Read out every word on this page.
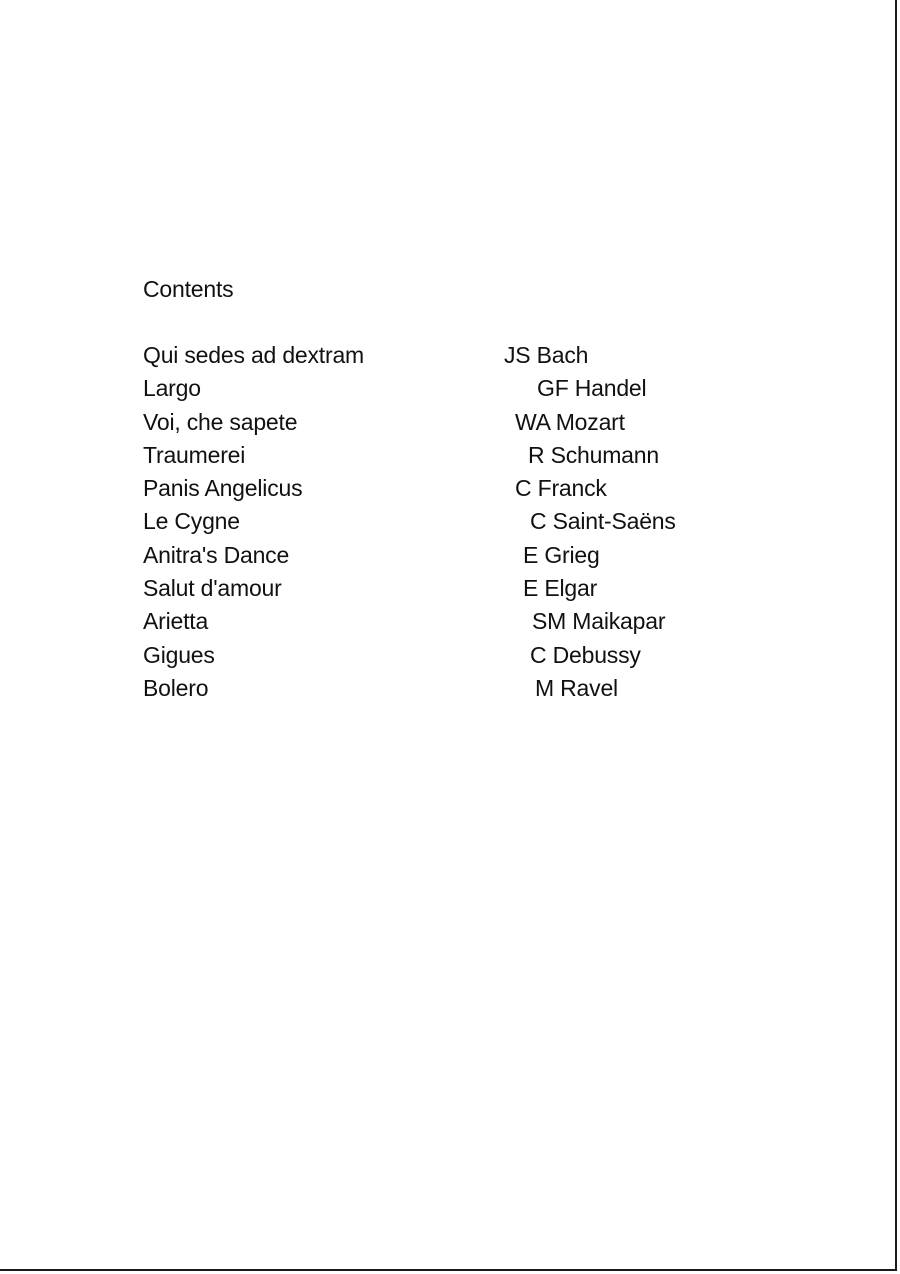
Contents
Qui sedes ad dextram	JS Bach
Largo	GF Handel
Voi, che sapete	WA Mozart
Traumerei	R Schumann
Panis Angelicus	C Franck
Le Cygne	C Saint-Saëns
Anitra's Dance	E Grieg
Salut d'amour	E Elgar
Arietta	SM Maikapar
Gigues	C Debussy
Bolero	M Ravel
